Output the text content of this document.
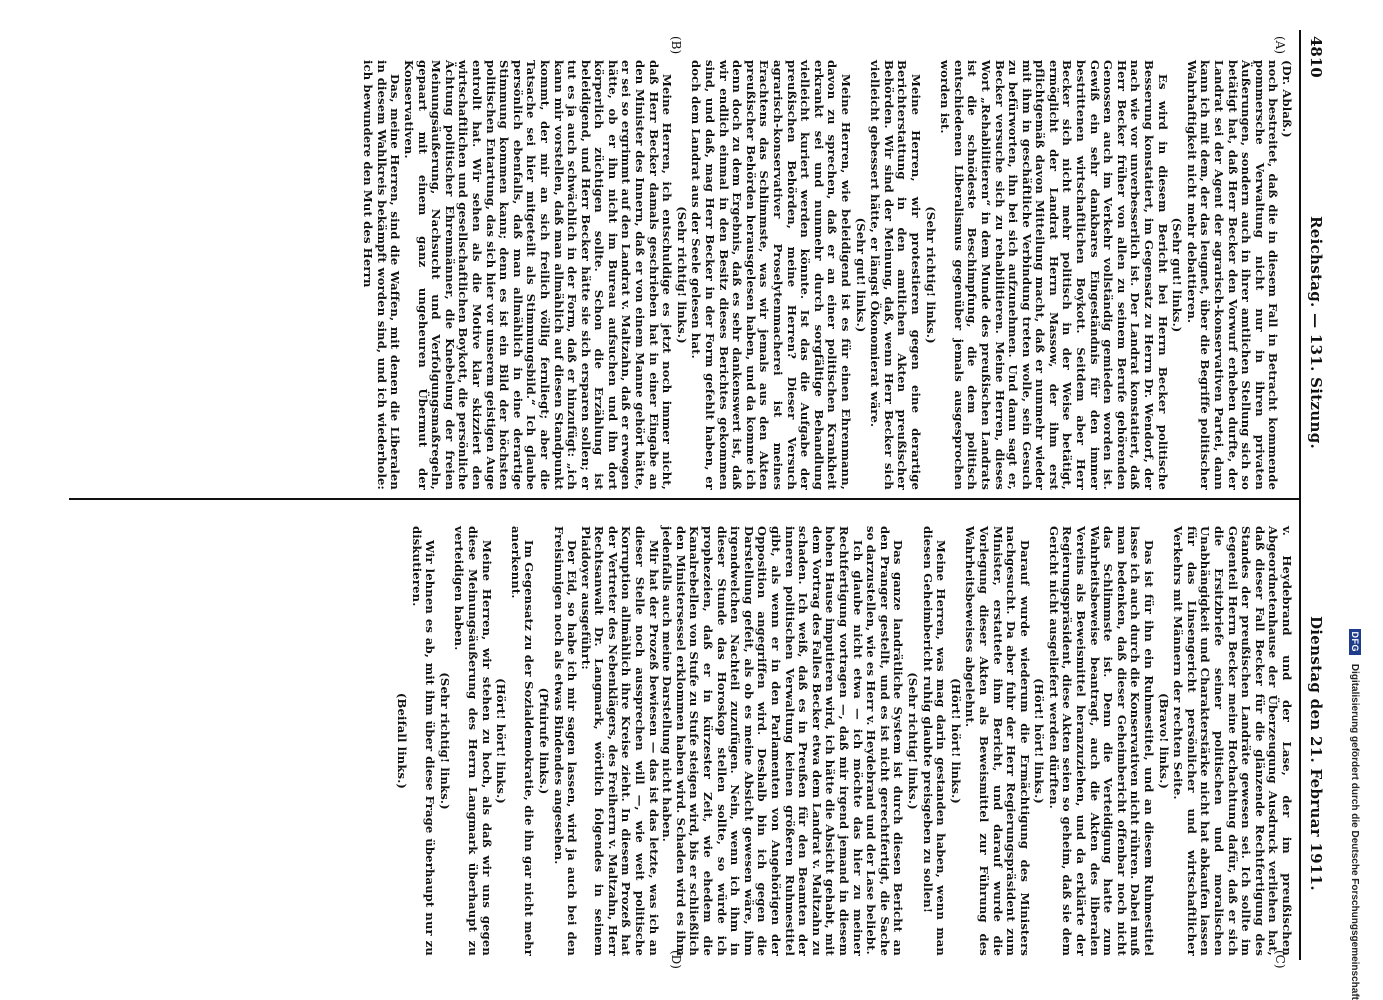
DFG Digitalisierung gefördert durch die Deutsche Forschungsgemeinschaft
4810
Reichstag. — 131. Sitzung.
Dienstag den 21. Februar 1911.
(A)
(B)
(C)
(D)

(Dr. Ablaß.)

noch bestreitet, daß die in diesem Fall in Betracht kommende pommersche Verwaltung nicht nur in ihren privaten Äußerungen, sondern auch in ihrer amtlichen Stellung sich so betätigt hat, daß Herr Becker den Vorwurf erheben durfte, der Landrat sei der Agent der agrarisch-konservativen Partei, dann kann ich mit dem, der das leugnet, über die Begriffe politischer Wahrhaftigkeit nicht mehr debattieren.

(Sehr gut! links.)

Es wird in diesem Bericht bei Herrn Becker politische Besserung konstatiert, im Gegensatz zu Herrn Dr. Wendorf, der nach wie vor unverbesserlich ist. Der Landrat konstatiert, daß Herr Becker früher von allen zu seinem Berufe gehörenden Genossen auch im Verkehr vollständig gemieden worden ist. Gewiß ein sehr dankbares Eingeständnis für den immer bestrittenen wirtschaftlichen Boykott. Seitdem aber Herr Becker sich nicht mehr politisch in der Weise betätigt, ermöglicht der Landrat Herrn Massow, der ihm erst pflichtgemäß davon Mitteilung macht, daß er nunmehr wieder mit ihm in geschäftliche Verbindung treten wolle, sein Gesuch zu befürworten, ihn bei sich aufzunehmen. Und dann sagt er, Becker versuche sich zu rehabilitieren. Meine Herren, dieses Wort „Rehabilitieren“ in dem Munde des preußischen Landrats ist die schnödeste Beschimpfung, die dem politisch entschiedenen Liberalismus gegenüber jemals ausgesprochen worden ist.

(Sehr richtig! links.)

Meine Herren, wir protestieren gegen eine derartige Berichterstattung in den amtlichen Akten preußischer Behörden. Wir sind der Meinung, daß, wenn Herr Becker sich vielleicht gebessert hätte, er längst Ökonomierat wäre.

(Sehr gut! links.)

Meine Herren, wie beleidigend ist es für einen Ehrenmann, davon zu sprechen, daß er an einer politischen Krankheit erkrankt sei und nunmehr durch sorgfältige Behandlung vielleicht kuriert werden könnte. Ist das die Aufgabe der preußischen Behörden, meine Herren? Dieser Versuch agrarisch-konservativer Proselytenmacherei ist meines Erachtens das Schlimmste, was wir jemals aus den Akten preußischer Behörden herausgelesen haben, und da komme ich denn doch zu dem Ergebnis, daß es sehr dankenswert ist, daß wir endlich einmal in den Besitz dieses Berichtes gekommen sind, und daß, mag Herr Becker in der Form gefehlt haben, er doch dem Landrat aus der Seele gelesen hat.

(Sehr richtig! links.)

Meine Herren, ich entschuldige es jetzt noch immer nicht, daß Herr Becker damals geschrieben hat in einer Eingabe an den Minister des Innern, daß er von einem Manne gehört hätte, er sei so ergrimmt auf den Landrat v. Maltzahn, daß er erwogen hätte, ob er ihn nicht im Bureau aufsuchen und ihn dort körperlich züchtigen sollte. Schon die Erzählung ist beleidigend, und Herr Becker hätte sie sich ersparen sollen; er tut es ja auch schwächlich in der Form, daß er hinzufügt: „ich kann mir vorstellen, daß man allmählich auf diesen Standpunkt kommt, der mir an sich freilich völlig fernliegt; aber die Tatsache sei hier mitgeteilt als Stimmungsbild.“ Ich glaube persönlich ebenfalls, daß man allmählich in eine derartige Stimmung kommen kann; denn es ist ein Bild der höchsten politischen Entartung, das sich hier vor unserem geistigen Auge entrollt hat. Wir sehen als die Motive klar skizziert den wirtschaftlichen und gesellschaftlichen Boykott, die persönliche Ächtung politischer Ehrenmänner, die Knebelung der freien Meinungsäußerung, Nachsucht und Verfolgungsmaßregeln, gepaart mit einem ganz ungeheuren Übermut der Konservativen.

Das, meine Herren, sind die Waffen, mit denen die Liberalen in diesem Wahlkreis bekämpft worden sind, und ich wiederhole: ich bewundere den Mut des Herrn

v. Heydebrand und der Lase, der im preußischen Abgeordnetenhause der Überzeugung Ausdruck verliehen hat, daß dieser Fall Becker für die glänzende Rechtfertigung des Standes der preußischen Landräte gewesen sei. Ich sollte im Gegenteil Herrn Becker meine Hochachtung dafür, daß er sich die Ersitzbriefe seiner politischen und moralischen Unabhängigkeit und Charakterstärke nicht hat abkaufen lassen für das Linsengericht persönlicher und wirtschaftlicher Verkehrs mit Männern der rechten Seite.

(Bravo! links.)

Das ist für ihn ein Ruhmestitel, und an diesem Ruhmestitel lasse ich auch durch die Konservativen nicht rühren. Dabei muß man bedenken, daß dieser Geheimbericht offenbar noch nicht das Schlimmste ist. Denn die Verteidigung hatte zum Wahrheitsbeweise beantragt, auch die Akten des liberalen Vereins als Beweismittel heranzuziehen, und da erklärte der Regierungspräsident, diese Akten seien so geheim, daß sie dem Gericht nicht ausgeliefert werden dürften.

(Hört! hört! links.)

Darauf wurde wiederum die Ermächtigung des Ministers nachgesucht. Da aber fuhr der Herr Regierungspräsident zum Minister, erstattete ihm Bericht, und darauf wurde die Vorlegung dieser Akten als Beweismittel zur Führung des Wahrheitsbeweises abgelehnt.

(Hört! hört! links.)

Meine Herren, was mag darin gestanden haben, wenn man diesen Geheimbericht ruhig glaubte preisgeben zu sollen!

(Sehr richtig! links.)

Das ganze landrätliche System ist durch diesen Bericht an den Pranger gestellt, und es ist nicht gerechtfertigt, die Sache so darzustellen, wie es Herr v. Heydebrand und der Lase beliebt.

Ich glaube nicht etwa — ich möchte das hier zu meiner Rechtfertigung vortragen —, daß mir irgend jemand in diesem hohen Hause imputieren wird, ich hätte die Absicht gehabt, mit dem Vortrag des Falles Becker etwa dem Landrat v. Maltzahn zu schaden. Ich weiß, daß es in Preußen für den Beamten der inneren politischen Verwaltung keinen größeren Ruhmestitel gibt, als wenn er in den Parlamenten von Angehörigen der Opposition angegriffen wird. Deshalb bin ich gegen die Darstellung gefeit, als ob es meine Absicht gewesen wäre, ihm irgendwelchen Nachteil zuzufügen. Nein, wenn ich ihm in dieser Stunde das Horoskop stellen sollte, so würde ich prophezeien, daß er in kürzester Zeit, wie ehedem die Kanalrebellen von Stufe zu Stufe steigen wird, bis er schließlich den Ministersessel erklommen haben wird. Schaden wird es ihm jedenfalls auch meine Darstellung nicht haben.

Mir hat der Prozeß bewiesen — das ist das letzte, was ich an dieser Stelle noch aussprechen will —, wie weit politische Korruption allmählich ihre Kreise zieht. In diesem Prozeß hat der Vertreter des Nebenklägers, des Freiherrn v. Maltzahn, Herr Rechtsanwalt Dr. Langmark, wörtlich folgendes in seinem Plaidoyer ausgeführt:

Der Eid, so habe ich mir sagen lassen, wird ja auch bei den Freisinnigen noch als etwas Bindendes angesehen.

(Pfuirufe links.)

Im Gegensatz zu der Sozialdemokratie, die ihn gar nicht mehr anerkennt.

(Hört! hört! links.)

Meine Herren, wir stehen zu hoch, als daß wir uns gegen diese Meinungsäußerung des Herrn Langmark überhaupt zu verteidigen haben.

(Sehr richtig! links.)

Wir lehnen es ab, mit ihm über diese Frage überhaupt nur zu diskutieren.

(Beifall links.)
